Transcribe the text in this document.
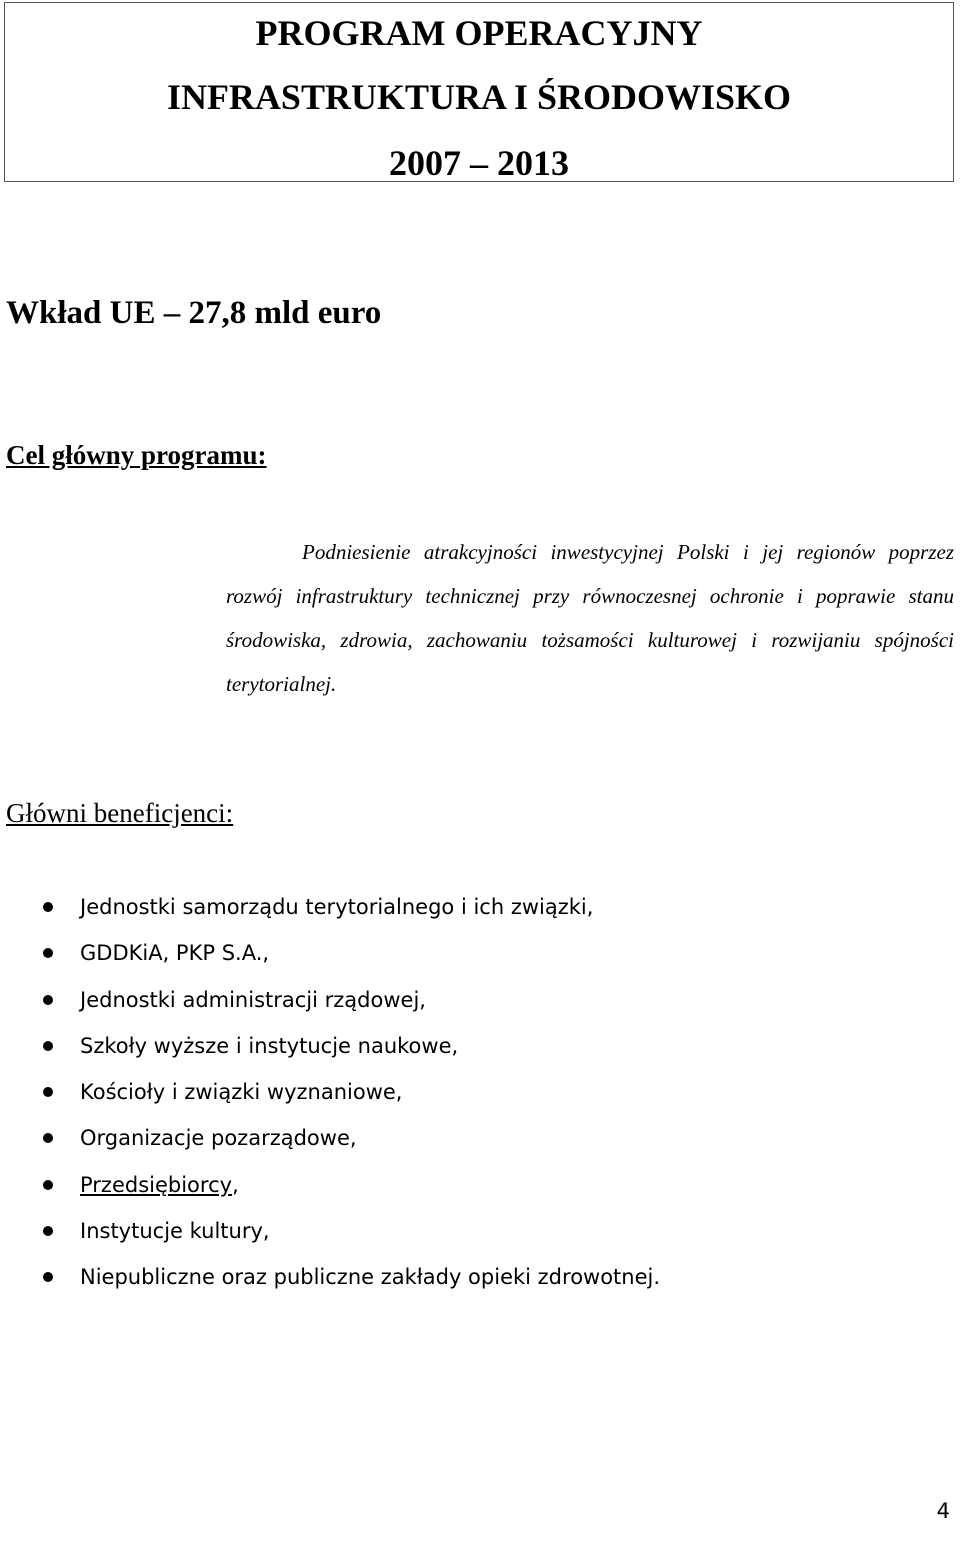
PROGRAM OPERACYJNY
INFRASTRUKTURA I ŚRODOWISKO
2007 – 2013

Wkład UE – 27,8 mld euro

Cel główny programu:

Podniesienie atrakcyjności inwestycyjnej Polski i jej regionów poprzez rozwój infrastruktury technicznej przy równoczesnej ochronie i poprawie stanu środowiska, zdrowia, zachowaniu tożsamości kulturowej i rozwijaniu spójności terytorialnej.

Główni beneficjenci:
Jednostki samorządu terytorialnego i ich związki,
GDDKiA, PKP S.A.,
Jednostki administracji rządowej,
Szkoły wyższe i instytucje naukowe,
Kościoły i związki wyznaniowe,
Organizacje pozarządowe,
Przedsiębiorcy,
Instytucje kultury,
Niepubliczne oraz publiczne zakłady opieki zdrowotnej.

4
